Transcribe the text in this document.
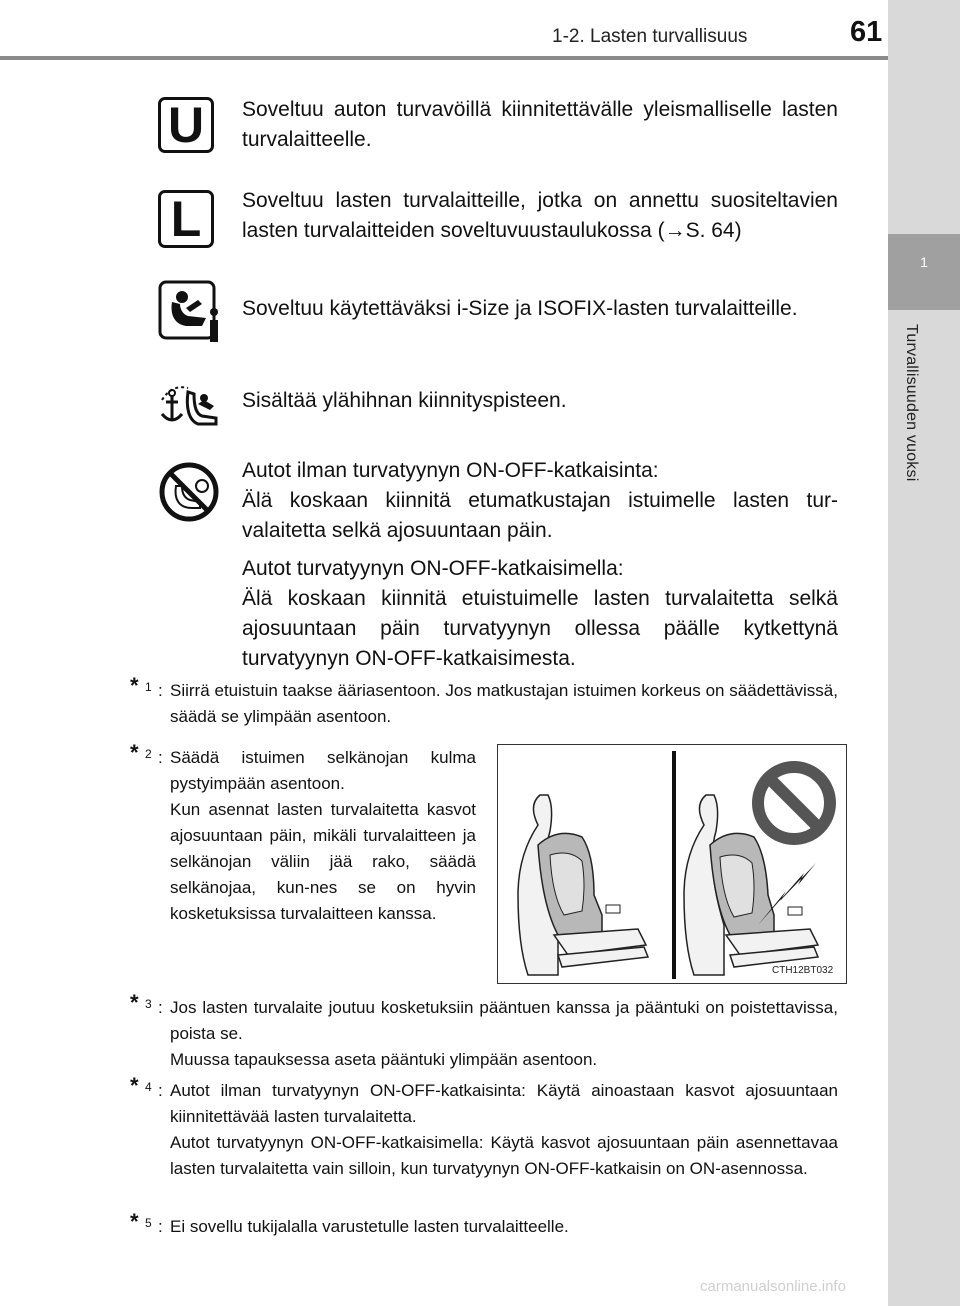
1-2. Lasten turvallisuus	61
1
Turvallisuuden vuoksi
U	Soveltuu auton turvavöillä kiinnitettävälle yleismalliselle lasten turvalaitteelle.

L	Soveltuu lasten turvalaitteille, jotka on annettu suositeltavien lasten turvalaitteiden soveltuvuustaulukossa (→S. 64)

Soveltuu käytettäväksi i-Size ja ISOFIX-lasten turvalaitteille.

Sisältää ylähihnan kiinnityspisteen.

Autot ilman turvatyynyn ON-OFF-katkaisinta:

Älä koskaan kiinnitä etumatkustajan istuimelle lasten tur-valaitetta selkä ajosuuntaan päin.

Autot turvatyynyn ON-OFF-katkaisimella:

Älä koskaan kiinnitä etuistuimelle lasten turvalaitetta selkä ajosuuntaan päin turvatyynyn ollessa päälle kytkettynä turvatyynyn ON-OFF-katkaisimesta.

* 1 : Siirrä etuistuin taakse ääriasentoon. Jos matkustajan istuimen korkeus on säädettävissä, säädä se ylimpään asentoon.

* 2 : Säädä istuimen selkänojan kulma pystyimpään asentoon.

Kun asennat lasten turvalaitetta kasvot ajosuuntaan päin, mikäli turvalaitteen ja selkänojan väliin jää rako, säädä selkänojaa, kun-nes se on hyvin kosketuksissa turvalaitteen kanssa.

CTH12BT032
* 3 : Jos lasten turvalaite joutuu kosketuksiin pääntuen kanssa ja pääntuki on poistettavissa, poista se.

Muussa tapauksessa aseta pääntuki ylimpään asentoon.

* 4 : Autot ilman turvatyynyn ON-OFF-katkaisinta: Käytä ainoastaan kasvot ajosuuntaan kiinnitettävää lasten turvalaitetta.

Autot turvatyynyn ON-OFF-katkaisimella: Käytä kasvot ajosuuntaan päin asennettavaa lasten turvalaitetta vain silloin, kun turvatyynyn ON-OFF-katkaisin on ON-asennossa.

* 5 : Ei sovellu tukijalalla varustetulle lasten turvalaitteelle.

carmanualsonline.info
